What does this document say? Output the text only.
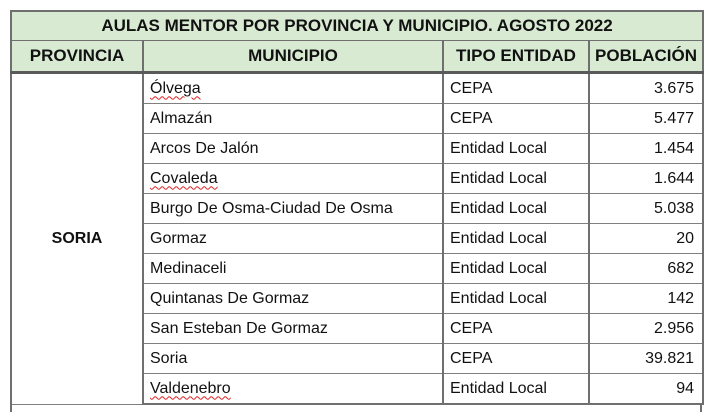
AULAS MENTOR POR PROVINCIA Y MUNICIPIO. AGOSTO 2022			
PROVINCIA	MUNICIPIO	TIPO ENTIDAD	POBLACIÓN
SORIA	Ólvega	CEPA	3.675
	Almazán	CEPA	5.477
	Arcos De Jalón	Entidad Local	1.454
	Covaleda	Entidad Local	1.644
	Burgo De Osma-Ciudad De Osma	Entidad Local	5.038
	Gormaz	Entidad Local	20
	Medinaceli	Entidad Local	682
	Quintanas De Gormaz	Entidad Local	142
	San Esteban De Gormaz	CEPA	2.956
	Soria	CEPA	39.821
	Valdenebro	Entidad Local	94
